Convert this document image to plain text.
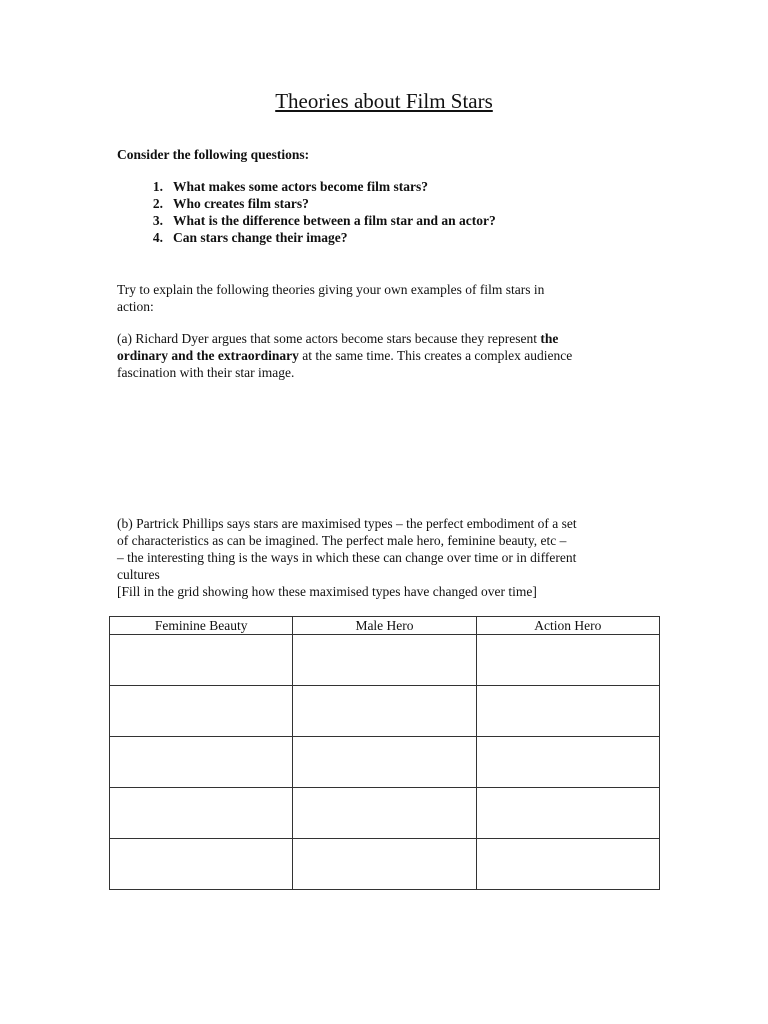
Theories about Film Stars
Consider the following questions:
1. What makes some actors become film stars?
2. Who creates film stars?
3. What is the difference between a film star and an actor?
4. Can stars change their image?
Try to explain the following theories giving your own examples of film stars in
action:
(a) Richard Dyer argues that some actors become stars because they represent the
ordinary and the extraordinary at the same time. This creates a complex audience
fascination with their star image.
(b) Partrick Phillips says stars are maximised types – the perfect embodiment of a set
of characteristics as can be imagined. The perfect male hero, feminine beauty, etc –
– the interesting thing is the ways in which these can change over time or in different
cultures
[Fill in the grid showing how these maximised types have changed over time]
Feminine Beauty	Male Hero	Action Hero
